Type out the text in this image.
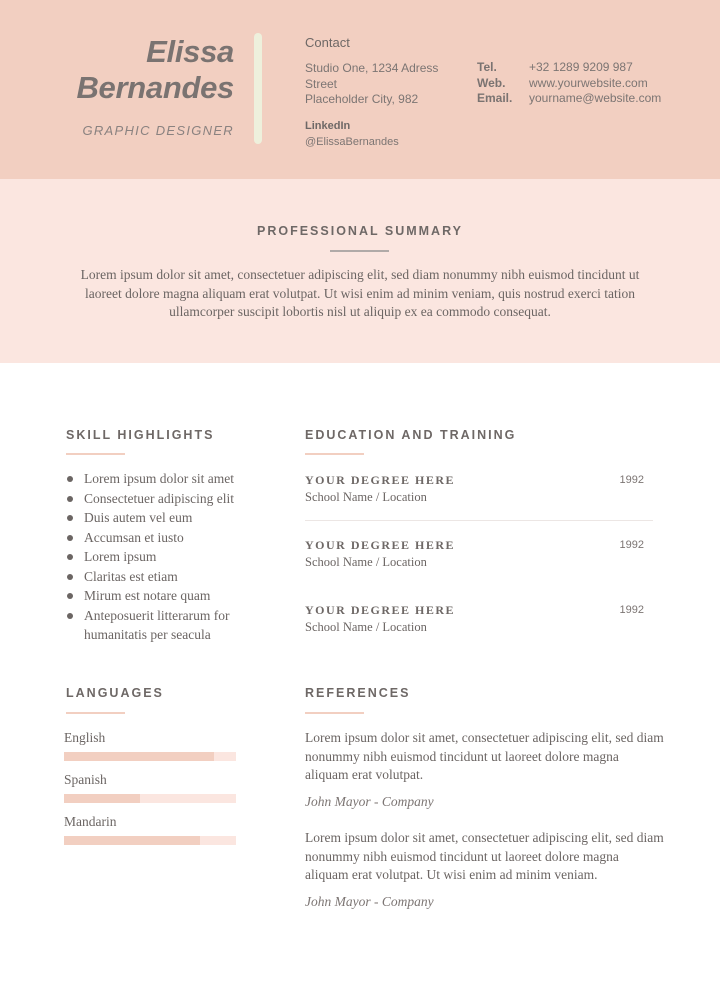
Elissa
Bernandes
GRAPHIC DESIGNER
Contact
Studio One, 1234 Adress
Street
Placeholder City, 982
LinkedIn
@ElissaBernandes
Tel.	+32 1289 9209 987
Web.	www.yourwebsite.com
Email.	yourname@website.com
PROFESSIONAL SUMMARY
Lorem ipsum dolor sit amet, consectetuer adipiscing elit, sed diam nonummy nibh euismod tincidunt ut laoreet dolore magna aliquam erat volutpat. Ut wisi enim ad minim veniam, quis nostrud exerci tation ullamcorper suscipit lobortis nisl ut aliquip ex ea commodo consequat.
SKILL HIGHLIGHTS
Lorem ipsum dolor sit amet
Consectetuer adipiscing elit
Duis autem vel eum
Accumsan et iusto
Lorem ipsum
Claritas est etiam
Mirum est notare quam
Anteposuerit litterarum for humanitatis per seacula
EDUCATION AND TRAINING
YOUR DEGREE HERE
School Name / Location
1992
YOUR DEGREE HERE
School Name / Location
1992
YOUR DEGREE HERE
School Name / Location
1992
LANGUAGES
English
Spanish
Mandarin
REFERENCES
Lorem ipsum dolor sit amet, consectetuer adipiscing elit, sed diam nonummy nibh euismod tincidunt ut laoreet dolore magna aliquam erat volutpat.
John Mayor - Company
Lorem ipsum dolor sit amet, consectetuer adipiscing elit, sed diam nonummy nibh euismod tincidunt ut laoreet dolore magna aliquam erat volutpat. Ut wisi enim ad minim veniam.
John Mayor - Company
